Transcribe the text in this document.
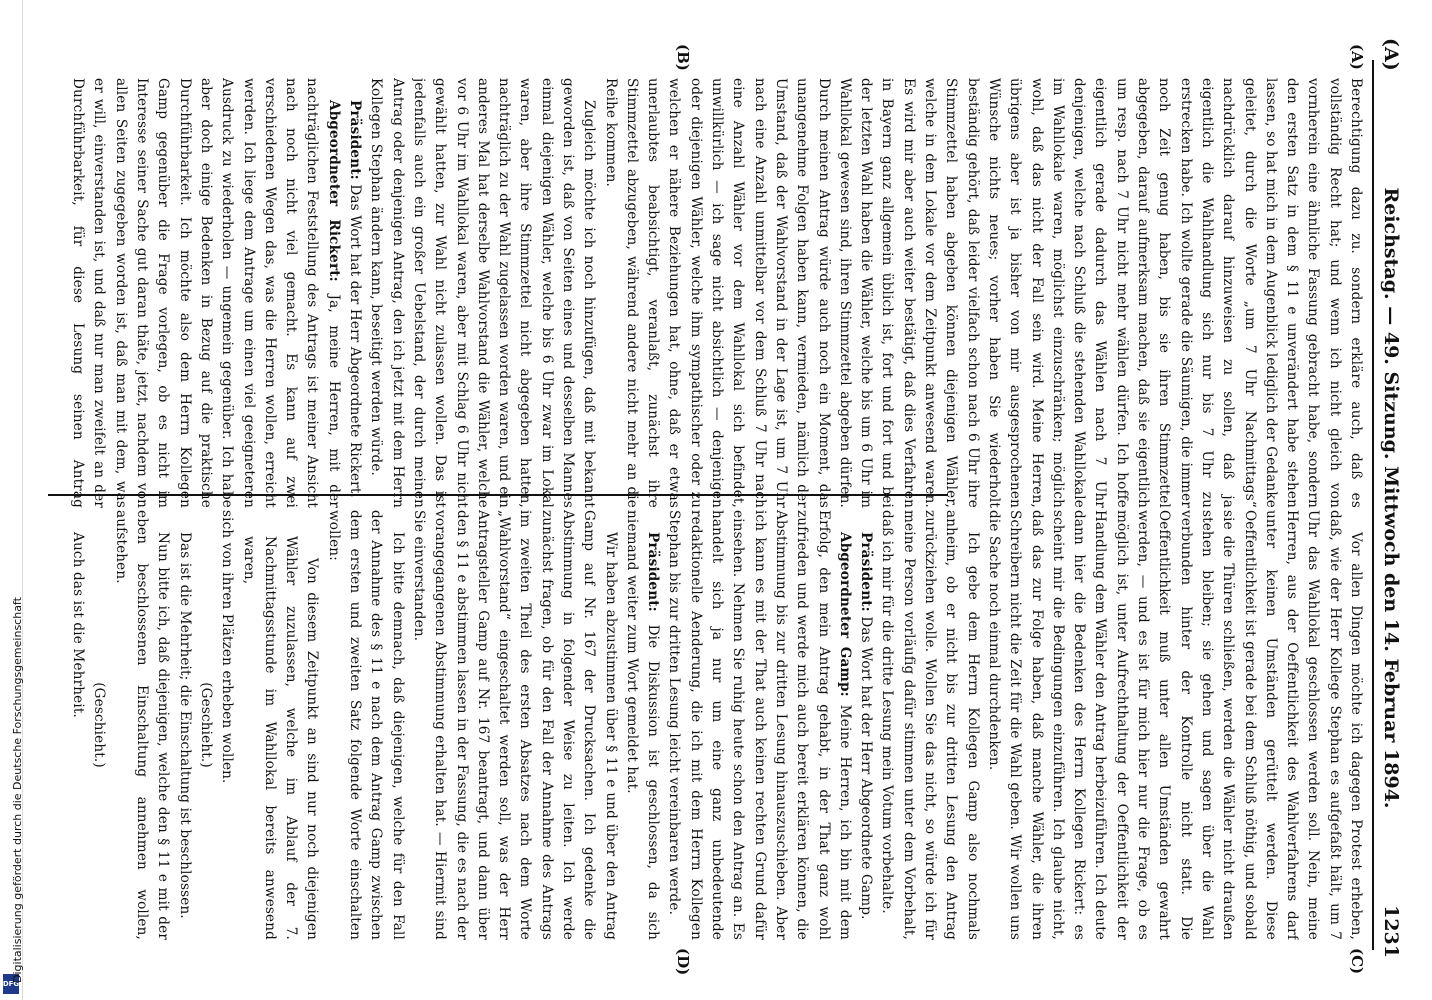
(A)
Reichstag. — 49. Sitzung. Mittwoch den 14. Februar 1894.
1231
(A)
(B)
(C)
(D)

Berechtigung dazu zu. sondern erkläre auch, daß es vollständig Recht hat; und wenn ich nicht gleich von vornherein eine ähnliche Fassung gebracht habe, sondern den ersten Satz in dem § 11 e unverändert habe stehen lassen, so hat mich in dem Augenblick lediglich der Gedanke geleitet, durch die Worte „um 7 Uhr Nachmittags“ nachdrücklich darauf hinzuweisen zu sollen, daß ja eigentlich die Wahlhandlung sich nur bis 7 Uhr zu erstrecken habe. Ich wollte gerade die Säumigen, die immer noch Zeit genug haben, bis sie ihren Stimmzettel abgegeben, darauf aufmerksam machen, daß sie eigentlich um resp. nach 7 Uhr nicht mehr wählen dürfen. Ich hoffe eigentlich gerade dadurch das Wählen nach 7 Uhr denjenigen, welche nach Schluß die stehenden Wahllokale im Wahllokale waren, möglichst einzuschränken; möglich wohl, daß das nicht der Fall sein wird. Meine Herren, übrigens aber ist ja bisher von mir ausgesprochenen Wünsche nichts neues; vorher haben Sie wiederholt beständig gehört, daß leider vielfach schon nach 6 Uhr ihre Stimmzettel haben abgeben können diejenigen Wähler, welche in dem Lokale vor dem Zeitpunkt anwesend waren. Es wird mir aber auch weiter bestätigt, daß dies Verfahren in Bayern ganz allgemein üblich ist, fort und fort und bei der letzten Wahl haben die Wähler, welche bis um 6 Uhr im Wahllokal gewesen sind, ihren Stimmzettel abgeben dürfen. Durch meinen Antrag würde auch noch ein Moment, das unangenehme Folgen haben kann, vermieden, nämlich der Umstand, daß der Wahlvorstand in der Lage ist, um 7 Uhr nach eine Anzahl unmittelbar vor dem Schluß 7 Uhr nach eine Anzahl Wähler vor dem Wahllokal sich befindet, unwillkürlich — ich sage nicht absichtlich — denjenigen oder diejenigen Wähler, welche ihm sympathischer oder zu welchen er nähere Beziehungen hat, ohne, daß er etwas unerlaubtes beabsichtigt, veranlaßt, zunächst ihre Stimmzettel abzugeben, während andere nicht mehr an die Reihe kommen.

Zugleich möchte ich noch hinzufügen, daß mit bekannt geworden ist, daß von Seiten eines und desselben Mannes einmal diejenigen Wähler, welche bis 6 Uhr zwar im Lokal waren, aber ihre Stimmzettel nicht abgegeben hatten, nachträglich zu der Wahl zugelassen worden waren, und ein anderes Mal hat derselbe Wahlvorstand die Wähler, welche vor 6 Uhr im Wahllokal waren, aber mit Schlag 6 Uhr nicht gewählt hatten, zur Wahl nicht zulassen wollen. Das ist jedenfalls auch ein großer Uebelstand, der durch meinen Antrag oder denjenigen Antrag, den ich jetzt mit dem Herrn Kollegen Stephan ändern kann, beseitigt werden würde.

Präsident: Das Wort hat der Herr Abgeordnete Rickert.

Abgeordneter Rickert: Ja, meine Herren, mit der nachträglichen Feststellung des Antrags ist meiner Ansicht nach noch nicht viel gemacht. Es kann auf zwei verschiedenen Wegen das, was die Herren wollen, erreicht werden. Ich liege dem Antrage um einen viel geeigneteren Ausdruck zu wiederholen — ungemein gegenüber. Ich habe aber doch einige Bedenken in Bezug auf die praktische Durchführbarkeit. Ich möchte also dem Herrn Kollegen Gamp gegenüber die Frage vorlegen, ob es nicht im Interesse seiner Sache gut daran thäte, jetzt, nachdem von allen Seiten zugegeben worden ist, daß man mit dem, was er will, einverstanden ist, und daß nur man zweifelt an der Durchführbarkeit, für diese Lesung seinen Antrag

Vor allen Dingen möchte ich dagegen Protest erheben, daß, wie der Herr Kollege Stephan es aufgefaßt hält, um 7 Uhr das Wahllokal geschlossen werden soll. Nein, meine Herren, aus der Oeffentlichkeit des Wahlverfahrens darf unter keinen Umständen gerüttelt werden. Diese Oeffentlichkeit ist gerade bei dem Schluß nöthig, und sobald sie die Thüren schließen, werden die Wähler nicht draußen stehen bleiben; sie gehen und sagen über die Wahl verbunden hinter der Kontrolle nicht statt. Die Oeffentlichkeit muß unter allen Umständen gewahrt werden, — und es ist für mich hier nur die Frage, ob es möglich ist, unter Aufrechthaltung der Oeffentlichkeit der Handlung dem Wähler den Antrag herbeizuführen. Ich deute dann hier die Bedenken des Herrn Kollegen Rickert: es scheint mir die Bedingungen einzuführen. Ich glaube nicht, daß das zur Folge haben, daß manche Wähler, die ihren Schreibern nicht die Zeit für die Wahl geben. Wir wollen uns die Sache noch einmal durchdenken.

Ich gebe dem Herrn Kollegen Gamp also nochmals anheim, ob er nicht bis zur dritten Lesung den Antrag zurückziehen wolle. Wollen Sie das nicht, so würde ich für meine Person vorläufig dafür stimmen unter dem Vorbehalt, daß ich mir für die dritte Lesung mein Votum vorbehalte.

Präsident: Das Wort hat der Herr Abgeordnete Gamp.

Abgeordneter Gamp: Meine Herren, ich bin mit dem Erfolg, den mein Antrag gehabt, in der That ganz wohl zufrieden und werde mich auch bereit erklären können, die Abstimmung bis zur dritten Lesung hinauszuschieben. Aber ich kann es mit der That auch keinen rechten Grund dafür einsehen. Nehmen Sie ruhig heute schon den Antrag an. Es handelt sich ja nur um eine ganz unbedeutende redaktionelle Aenderung, die ich mit dem Herrn Kollegen Stephan bis zur dritten Lesung leicht vereinbaren werde.

Präsident: Die Diskussion ist geschlossen, da sich niemand weiter zum Wort gemeldet hat.

Wir haben abzustimmen über § 11 e und über den Antrag Gamp auf Nr. 167 der Drucksachen. Ich gedenke die Abstimmung in folgender Weise zu leiten. Ich werde zunächst fragen, ob für den Fall der Annahme des Antrags im zweiten Theil des ersten Absatzes nach dem Worte „Wahlvorstand“ eingeschaltet werden soll, was der Herr Antragsteller Gamp auf Nr. 167 beantragt, und dann über den § 11 e abstimmen lassen in der Fassung, die es nach der vorangegangenen Abstimmung erhalten hat. — Hiermit sind Sie einverstanden.

Ich bitte demnach, daß diejenigen, welche für den Fall der Annahme des § 11 e nach dem Antrag Gamp zwischen dem ersten und zweiten Satz folgende Worte einschalten wollen:

Von diesem Zeitpunkt an sind nur noch diejenigen Wähler zuzulassen, welche im Ablauf der 7. Nachmittagsstunde im Wahllokal bereits anwesend waren,

sich von ihren Plätzen erheben wollen.

(Geschieht.)

Das ist die Mehrheit; die Einschaltung ist beschlossen.

Nun bitte ich, daß diejenigen, welche den § 11 e mit der eben beschlossenen Einschaltung annehmen wollen, aufstehen.

(Geschieht.)

Auch das ist die Mehrheit.

DFG
Digitalisierung gefördert durch die Deutsche Forschungsgemeinschaft
